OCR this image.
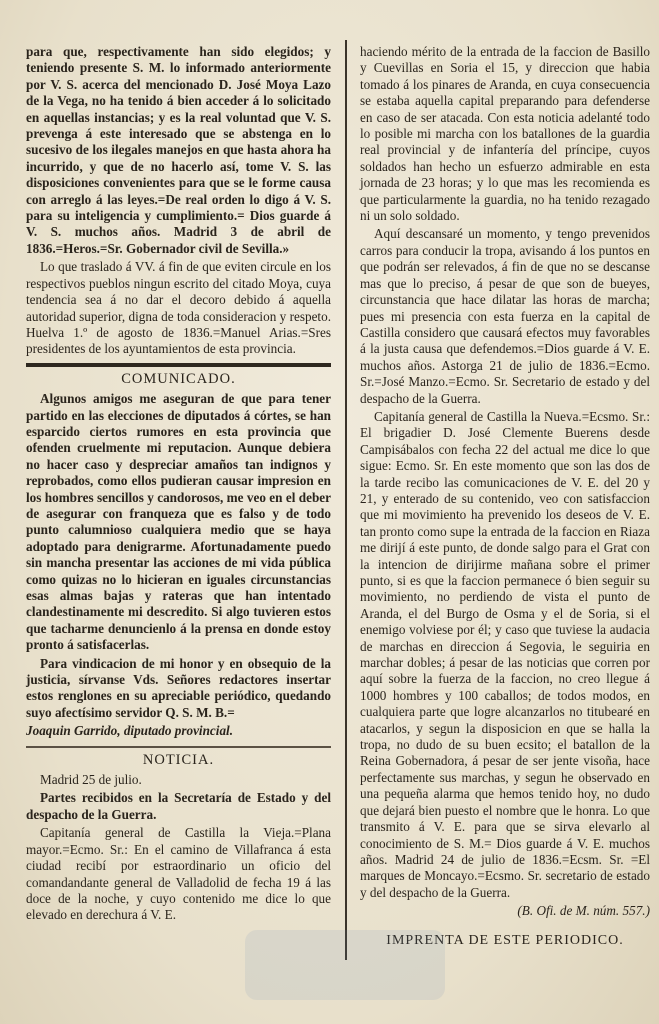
para que, respectivamente han sido elegidos; y teniendo presente S. M. lo informado anteriormente por V. S. acerca del mencionado D. José Moya Lazo de la Vega, no ha tenido á bien acceder á lo solicitado en aquellas instancias; y es la real voluntad que V. S. prevenga á este interesado que se abstenga en lo sucesivo de los ilegales manejos en que hasta ahora ha incurrido, y que de no hacerlo así, tome V. S. las disposiciones convenientes para que se le forme causa con arreglo á las leyes.=De real orden lo digo á V. S. para su inteligencia y cumplimiento.= Dios guarde á V. S. muchos años. Madrid 3 de abril de 1836.=Heros.=Sr. Gobernador civil de Sevilla.»

Lo que traslado á VV. á fin de que eviten circule en los respectivos pueblos ningun escrito del citado Moya, cuya tendencia sea á no dar el decoro debido á aquella autoridad superior, digna de toda consideracion y respeto. Huelva 1.º de agosto de 1836.=Manuel Arias.=Sres presidentes de los ayuntamientos de esta provincia.

COMUNICADO.

Algunos amigos me aseguran de que para tener partido en las elecciones de diputados á córtes, se han esparcido ciertos rumores en esta provincia que ofenden cruelmente mi reputacion. Aunque debiera no hacer caso y despreciar amaños tan indignos y reprobados, como ellos pudieran causar impresion en los hombres sencillos y candorosos, me veo en el deber de asegurar con franqueza que es falso y de todo punto calumnioso cualquiera medio que se haya adoptado para denigrarme. Afortunadamente puedo sin mancha presentar las acciones de mi vida pública como quizas no lo hicieran en iguales circunstancias esas almas bajas y rateras que han intentado clandestinamente mi descredito. Si algo tuvieren estos que tacharme denuncienlo á la prensa en donde estoy pronto á satisfacerlas.

Para vindicacion de mi honor y en obsequio de la justicia, sírvanse Vds. Señores redactores insertar estos renglones en su apreciable periódico, quedando suyo afectísimo servidor Q. S. M. B.=

Joaquin Garrido, diputado provincial.

NOTICIA.

Madrid 25 de julio.

Partes recibidos en la Secretaría de Estado y del despacho de la Guerra.

Capitanía general de Castilla la Vieja.=Plana mayor.=Ecmo. Sr.: En el camino de Villafranca á esta ciudad recibí por estraordinario un oficio del comandandante general de Valladolid de fecha 19 á las doce de la noche, y cuyo contenido me dice lo que elevado en derechura á V. E.

haciendo mérito de la entrada de la faccion de Basillo y Cuevillas en Soria el 15, y direccion que habia tomado á los pinares de Aranda, en cuya consecuencia se estaba aquella capital preparando para defenderse en caso de ser atacada. Con esta noticia adelanté todo lo posible mi marcha con los batallones de la guardia real provincial y de infantería del príncipe, cuyos soldados han hecho un esfuerzo admirable en esta jornada de 23 horas; y lo que mas les recomienda es que particularmente la guardia, no ha tenido rezagado ni un solo soldado.

Aquí descansaré un momento, y tengo prevenidos carros para conducir la tropa, avisando á los puntos en que podrán ser relevados, á fin de que no se descanse mas que lo preciso, á pesar de que son de bueyes, circunstancia que hace dilatar las horas de marcha; pues mi presencia con esta fuerza en la capital de Castilla considero que causará efectos muy favorables á la justa causa que defendemos.=Dios guarde á V. E. muchos años. Astorga 21 de julio de 1836.=Ecmo. Sr.=José Manzo.=Ecmo. Sr. Secretario de estado y del despacho de la Guerra.

Capitanía general de Castilla la Nueva.=Ecsmo. Sr.: El brigadier D. José Clemente Buerens desde Campisábalos con fecha 22 del actual me dice lo que sigue: Ecmo. Sr. En este momento que son las dos de la tarde recibo las comunicaciones de V. E. del 20 y 21, y enterado de su contenido, veo con satisfaccion que mi movimiento ha prevenido los deseos de V. E. tan pronto como supe la entrada de la faccion en Riaza me dirijí á este punto, de donde salgo para el Grat con la intencion de dirijirme mañana sobre el primer punto, si es que la faccion permanece ó bien seguir su movimiento, no perdiendo de vista el punto de Aranda, el del Burgo de Osma y el de Soria, si el enemigo volviese por él; y caso que tuviese la audacia de marchas en direccion á Segovia, le seguiria en marchar dobles; á pesar de las noticias que corren por aquí sobre la fuerza de la faccion, no creo llegue á 1000 hombres y 100 caballos; de todos modos, en cualquiera parte que logre alcanzarlos no titubearé en atacarlos, y segun la disposicion en que se halla la tropa, no dudo de su buen ecsito; el batallon de la Reina Gobernadora, á pesar de ser jente visoña, hace perfectamente sus marchas, y segun he observado en una pequeña alarma que hemos tenido hoy, no dudo que dejará bien puesto el nombre que le honra. Lo que transmito á V. E. para que se sirva elevarlo al conocimiento de S. M.= Dios guarde á V. E. muchos años. Madrid 24 de julio de 1836.=Ecsm. Sr. =El marques de Moncayo.=Ecsmo. Sr. secretario de estado y del despacho de la Guerra.

(B. Ofi. de M. núm. 557.)

IMPRENTA DE ESTE PERIODICO.
